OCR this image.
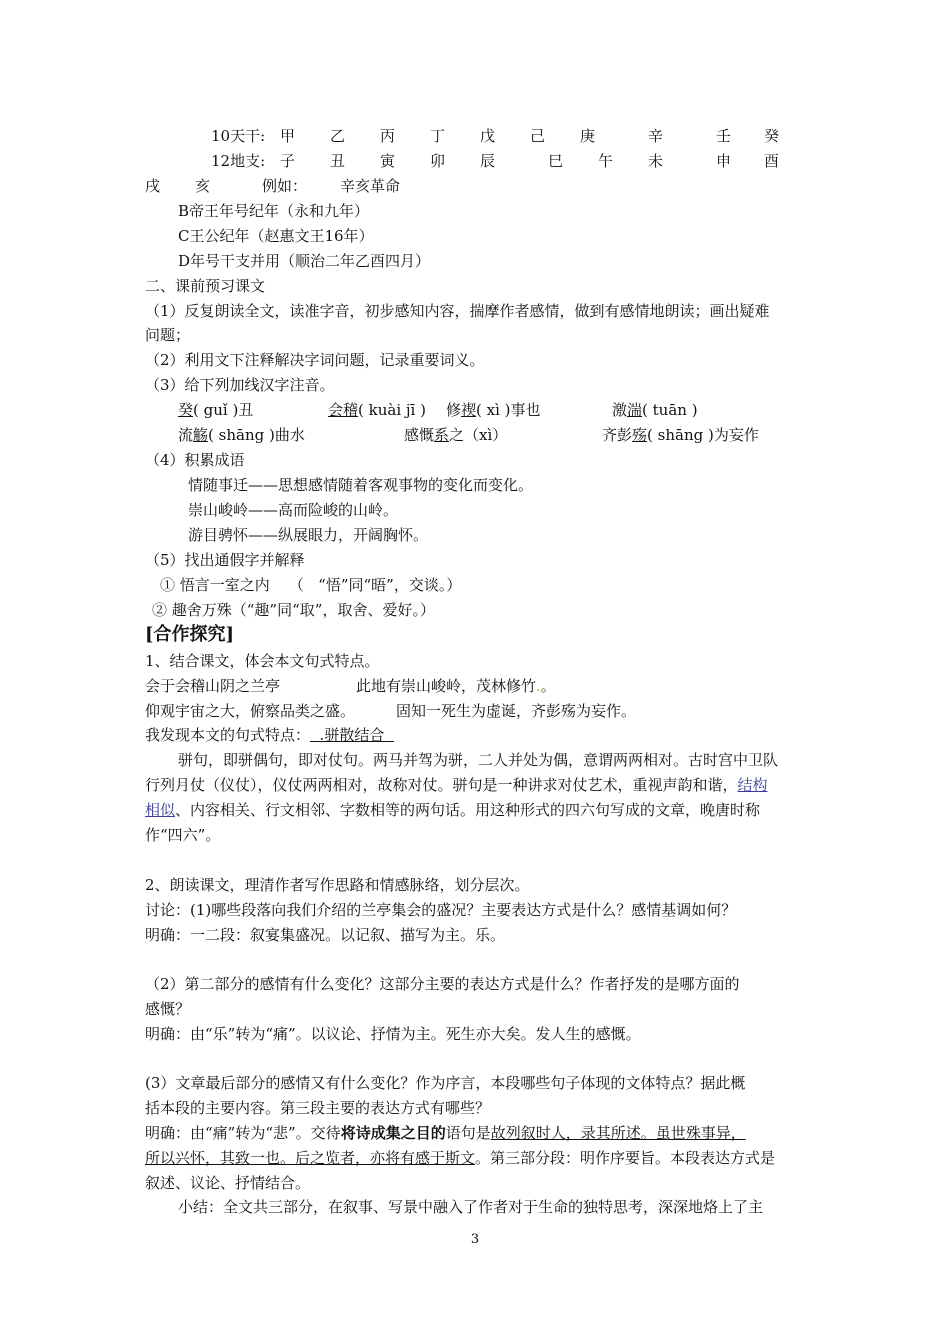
10天干: 甲 乙 丙 丁 戊 己 庚	辛	壬 癸
12地支: 子 丑 寅 卯 辰	巳 午 未	申 酉
戌 亥	例如： 辛亥革命
B帝王年号纪年（永和九年）
C王公纪年（赵惠文王16年）
D年号干支并用（顺治二年乙酉四月）
二、课前预习课文
（1）反复朗读全文，读准字音，初步感知内容，揣摩作者感情，做到有感情地朗读；画出疑难
问题；
（2）利用文下注释解决字词问题，记录重要词义。
（3）给下列加线汉字注音。
癸( guǐ )丑	会稽( kuài jī ) 修禊( xì )事也	激湍( tuān )
流觞( shāng )曲水	感慨系之（xì）	齐彭殇( shāng )为妄作
（4）积累成语
情随事迁——思想感情随着客观事物的变化而变化。
崇山峻岭——高而险峻的山岭。
游目骋怀——纵展眼力，开阔胸怀。
（5）找出通假字并解释
① 悟言一室之内    （   “悟”同“晤”，交谈。）
② 趣舍万殊（“趣”同“取”，取舍、爱好。）
[合作探究]
1、结合课文，体会本文句式特点。
会于会稽山阴之兰亭	此地有崇山峻岭，茂林修竹.。
仰观宇宙之大，俯察品类之盛。	固知一死生为虚诞，齐彭殇为妄作。
我发现本文的句式特点：  .骈散结合
骈句，即骈偶句，即对仗句。两马并驾为骈，二人并处为偶，意谓两两相对。古时宫中卫队
行列月仗（仪仗），仪仗两两相对，故称对仗。骈句是一种讲求对仗艺术，重视声韵和谐，结构
相似、内容相关、行文相邻、字数相等的两句话。用这种形式的四六句写成的文章，晚唐时称
作“四六”。
2、朗读课文，理清作者写作思路和情感脉络，划分层次。
讨论：(1)哪些段落向我们介绍的兰亭集会的盛况？主要表达方式是什么？感情基调如何？
明确：一二段：叙宴集盛况。以记叙、描写为主。乐。
（2）第二部分的感情有什么变化？这部分主要的表达方式是什么？作者抒发的是哪方面的
感慨？
明确：由“乐”转为“痛”。以议论、抒情为主。死生亦大矣。发人生的感慨。
(3）文章最后部分的感情又有什么变化？作为序言，本段哪些句子体现的文体特点？据此概
括本段的主要内容。第三段主要的表达方式有哪些？
明确：由“痛”转为“悲”。交待将诗成集之目的语句是故列叙时人，录其所述。虽世殊事异，
所以兴怀，其致一也。后之览者，亦将有感于斯文。第三部分段：明作序要旨。本段表达方式是
叙述、议论、抒情结合。
小结：全文共三部分，在叙事、写景中融入了作者对于生命的独特思考，深深地烙上了主
3
